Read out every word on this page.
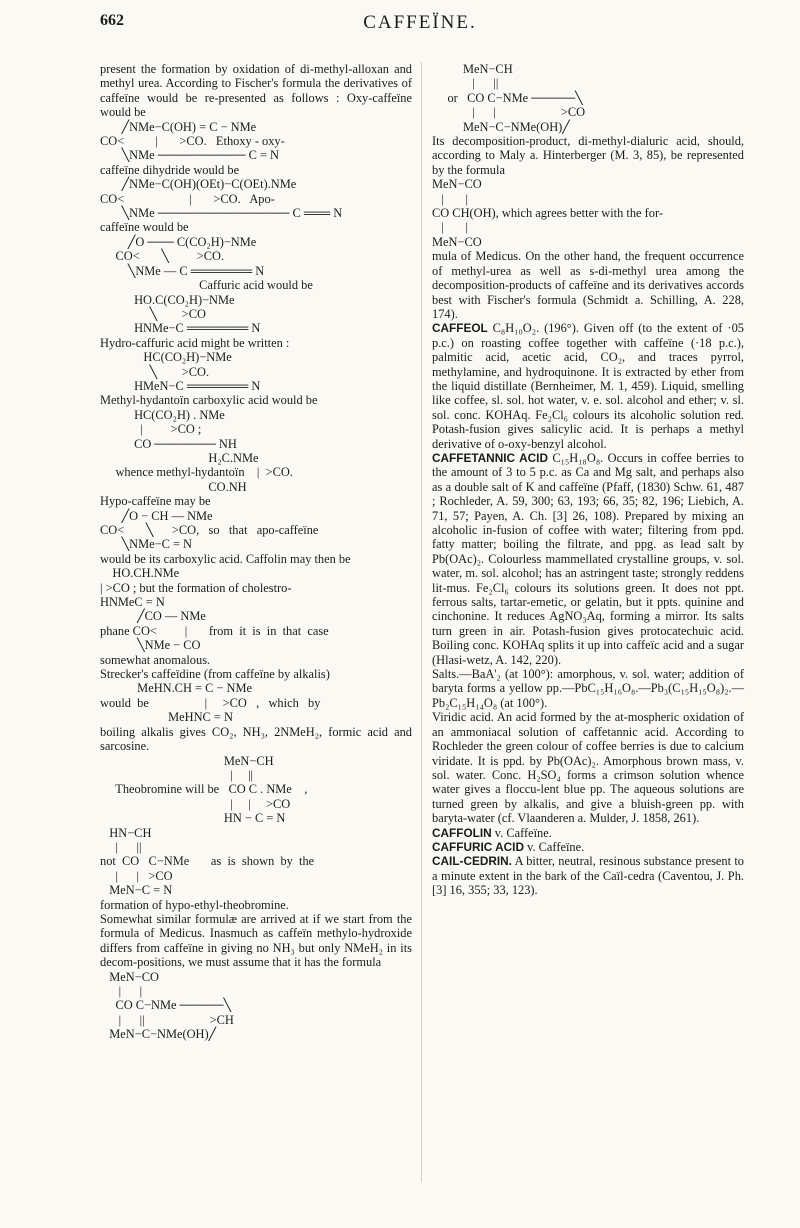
662	CAFFEÏNE.

present the formation by oxidation of di-methyl-alloxan and methyl urea. According to Fischer's formula the derivatives of caffeïne would be re-presented as follows : Oxy-caffeïne would be

╱NMe−C(OH) = C − NMe

CO<          |       >CO.   Ethoxy - oxy-

╲NMe ────────── C = N

caffeïne dihydride would be

╱NMe−C(OH)(OEt)−C(OEt).NMe

CO<                     |       >CO.   Apo-

╲NMe ─────────────── C ═══ N

caffeïne would be

╱O ─── C(CO₂H)−NMe

CO<       ╲         >CO.

╲NMe — C ═══════ N

Caffuric acid would be

HO.C(CO₂H)−NMe

╲        >CO

HNMe−C ═══════ N

Hydro-caffuric acid might be written :

HC(CO₂H)−NMe

╲        >CO.

HMeN−C ═══════ N

Methyl-hydantoïn carboxylic acid would be

HC(CO₂H) . NMe

|         >CO ;

CO ─────── NH

H₂C.NMe

whence methyl-hydantoïn    |  >CO.

CO.NH

Hypo-caffeïne may be

╱O − CH — NMe

CO<       ╲      >CO,   so   that   apo-caffeïne

╲NMe−C = N

would be its carboxylic acid. Caffolin may then be

HO.CH.NMe

| >CO ; but the formation of cholestro-

HNMeC = N

╱CO — NMe

phane CO<         |       from  it  is  in  that  case

╲NMe − CO

somewhat anomalous.

Strecker's caffeïdine (from caffeïne by alkalis)

MeHN.CH = C − NMe

would  be                  |     >CO   ,   which   by

MeHNC = N

boiling alkalis gives CO₂, NH₃, 2NMeH₂, formic acid and sarcosine.

MeN−CH

|     ||

Theobromine will be   CO C . NMe    ,

|     |     >CO

HN − C = N

HN−CH

|      ||

not  CO   C−NMe       as  is  shown  by  the

|      |   >CO

MeN−C = N

formation of hypo-ethyl-theobromine.

Somewhat similar formulæ are arrived at if we start from the formula of Medicus. Inasmuch as caffeïn methylo-hydroxide differs from caffeïne in giving no NH₃ but only NMeH₂ in its decom-positions, we must assume that it has the formula

MeN−CO

|      |

CO C−NMe ─────╲

|      ||                     >CH

MeN−C−NMe(OH)╱

MeN−CH

|      ||

or   CO C−NMe ─────╲

|      |                     >CO

MeN−C−NMe(OH)╱

Its decomposition-product, di-methyl-dialuric acid, should, according to Maly a. Hinterberger (M. 3, 85), be represented by the formula

MeN−CO

|       |

CO CH(OH), which agrees better with the for-

|       |

MeN−CO

mula of Medicus. On the other hand, the frequent occurrence of methyl-urea as well as s-di-methyl urea among the decomposition-products of caffeïne and its derivatives accords best with Fischer's formula (Schmidt a. Schilling, A. 228, 174).

CAFFEOL C₈H₁₀O₂. (196°). Given off (to the extent of ·05 p.c.) on roasting coffee together with caffeïne (·18 p.c.), palmitic acid, acetic acid, CO₂, and traces pyrrol, methylamine, and hydroquinone. It is extracted by ether from the liquid distillate (Bernheimer, M. 1, 459). Liquid, smelling like coffee, sl. sol. hot water, v. e. sol. alcohol and ether; v. sl. sol. conc. KOHAq. Fe₂Cl₆ colours its alcoholic solution red. Potash-fusion gives salicylic acid. It is perhaps a methyl derivative of o-oxy-benzyl alcohol.

CAFFETANNIC ACID C₁₅H₁₈O₈. Occurs in coffee berries to the amount of 3 to 5 p.c. as Ca and Mg salt, and perhaps also as a double salt of K and caffeïne (Pfaff, (1830) Schw. 61, 487 ; Rochleder, A. 59, 300; 63, 193; 66, 35; 82, 196; Liebich, A. 71, 57; Payen, A. Ch. [3] 26, 108). Prepared by mixing an alcoholic in-fusion of coffee with water; filtering from ppd. fatty matter; boiling the filtrate, and ppg. as lead salt by Pb(OAc)₂. Colourless mammellated crystalline groups, v. sol. water, m. sol. alcohol; has an astringent taste; strongly reddens lit-mus. Fe₂Cl₆ colours its solutions green. It does not ppt. ferrous salts, tartar-emetic, or gelatin, but it ppts. quinine and cinchonine. It reduces AgNO₃Aq, forming a mirror. Its salts turn green in air. Potash-fusion gives protocatechuic acid. Boiling conc. KOHAq splits it up into caffeïc acid and a sugar (Hlasi-wetz, A. 142, 220).

Salts.—BaA'₂ (at 100°): amorphous, v. sol. water; addition of baryta forms a yellow pp.—PbC₁₅H₁₆O₈.—Pb₃(C₁₅H₁₅O₈)₂.—Pb₂C₁₅H₁₄O₈ (at 100°).

Viridic acid. An acid formed by the at-mospheric oxidation of an ammoniacal solution of caffetannic acid. According to Rochleder the green colour of coffee berries is due to calcium viridate. It is ppd. by Pb(OAc)₂. Amorphous brown mass, v. sol. water. Conc. H₂SO₄ forms a crimson solution whence water gives a floccu-lent blue pp. The aqueous solutions are turned green by alkalis, and give a bluish-green pp. with baryta-water (cf. Vlaanderen a. Mulder, J. 1858, 261).

CAFFOLIN v. Caffeïne.

CAFFURIC ACID v. Caffeïne.

CAIL-CEDRIN. A bitter, neutral, resinous substance present to a minute extent in the bark of the Caïl-cedra (Caventou, J. Ph. [3] 16, 355; 33, 123).
